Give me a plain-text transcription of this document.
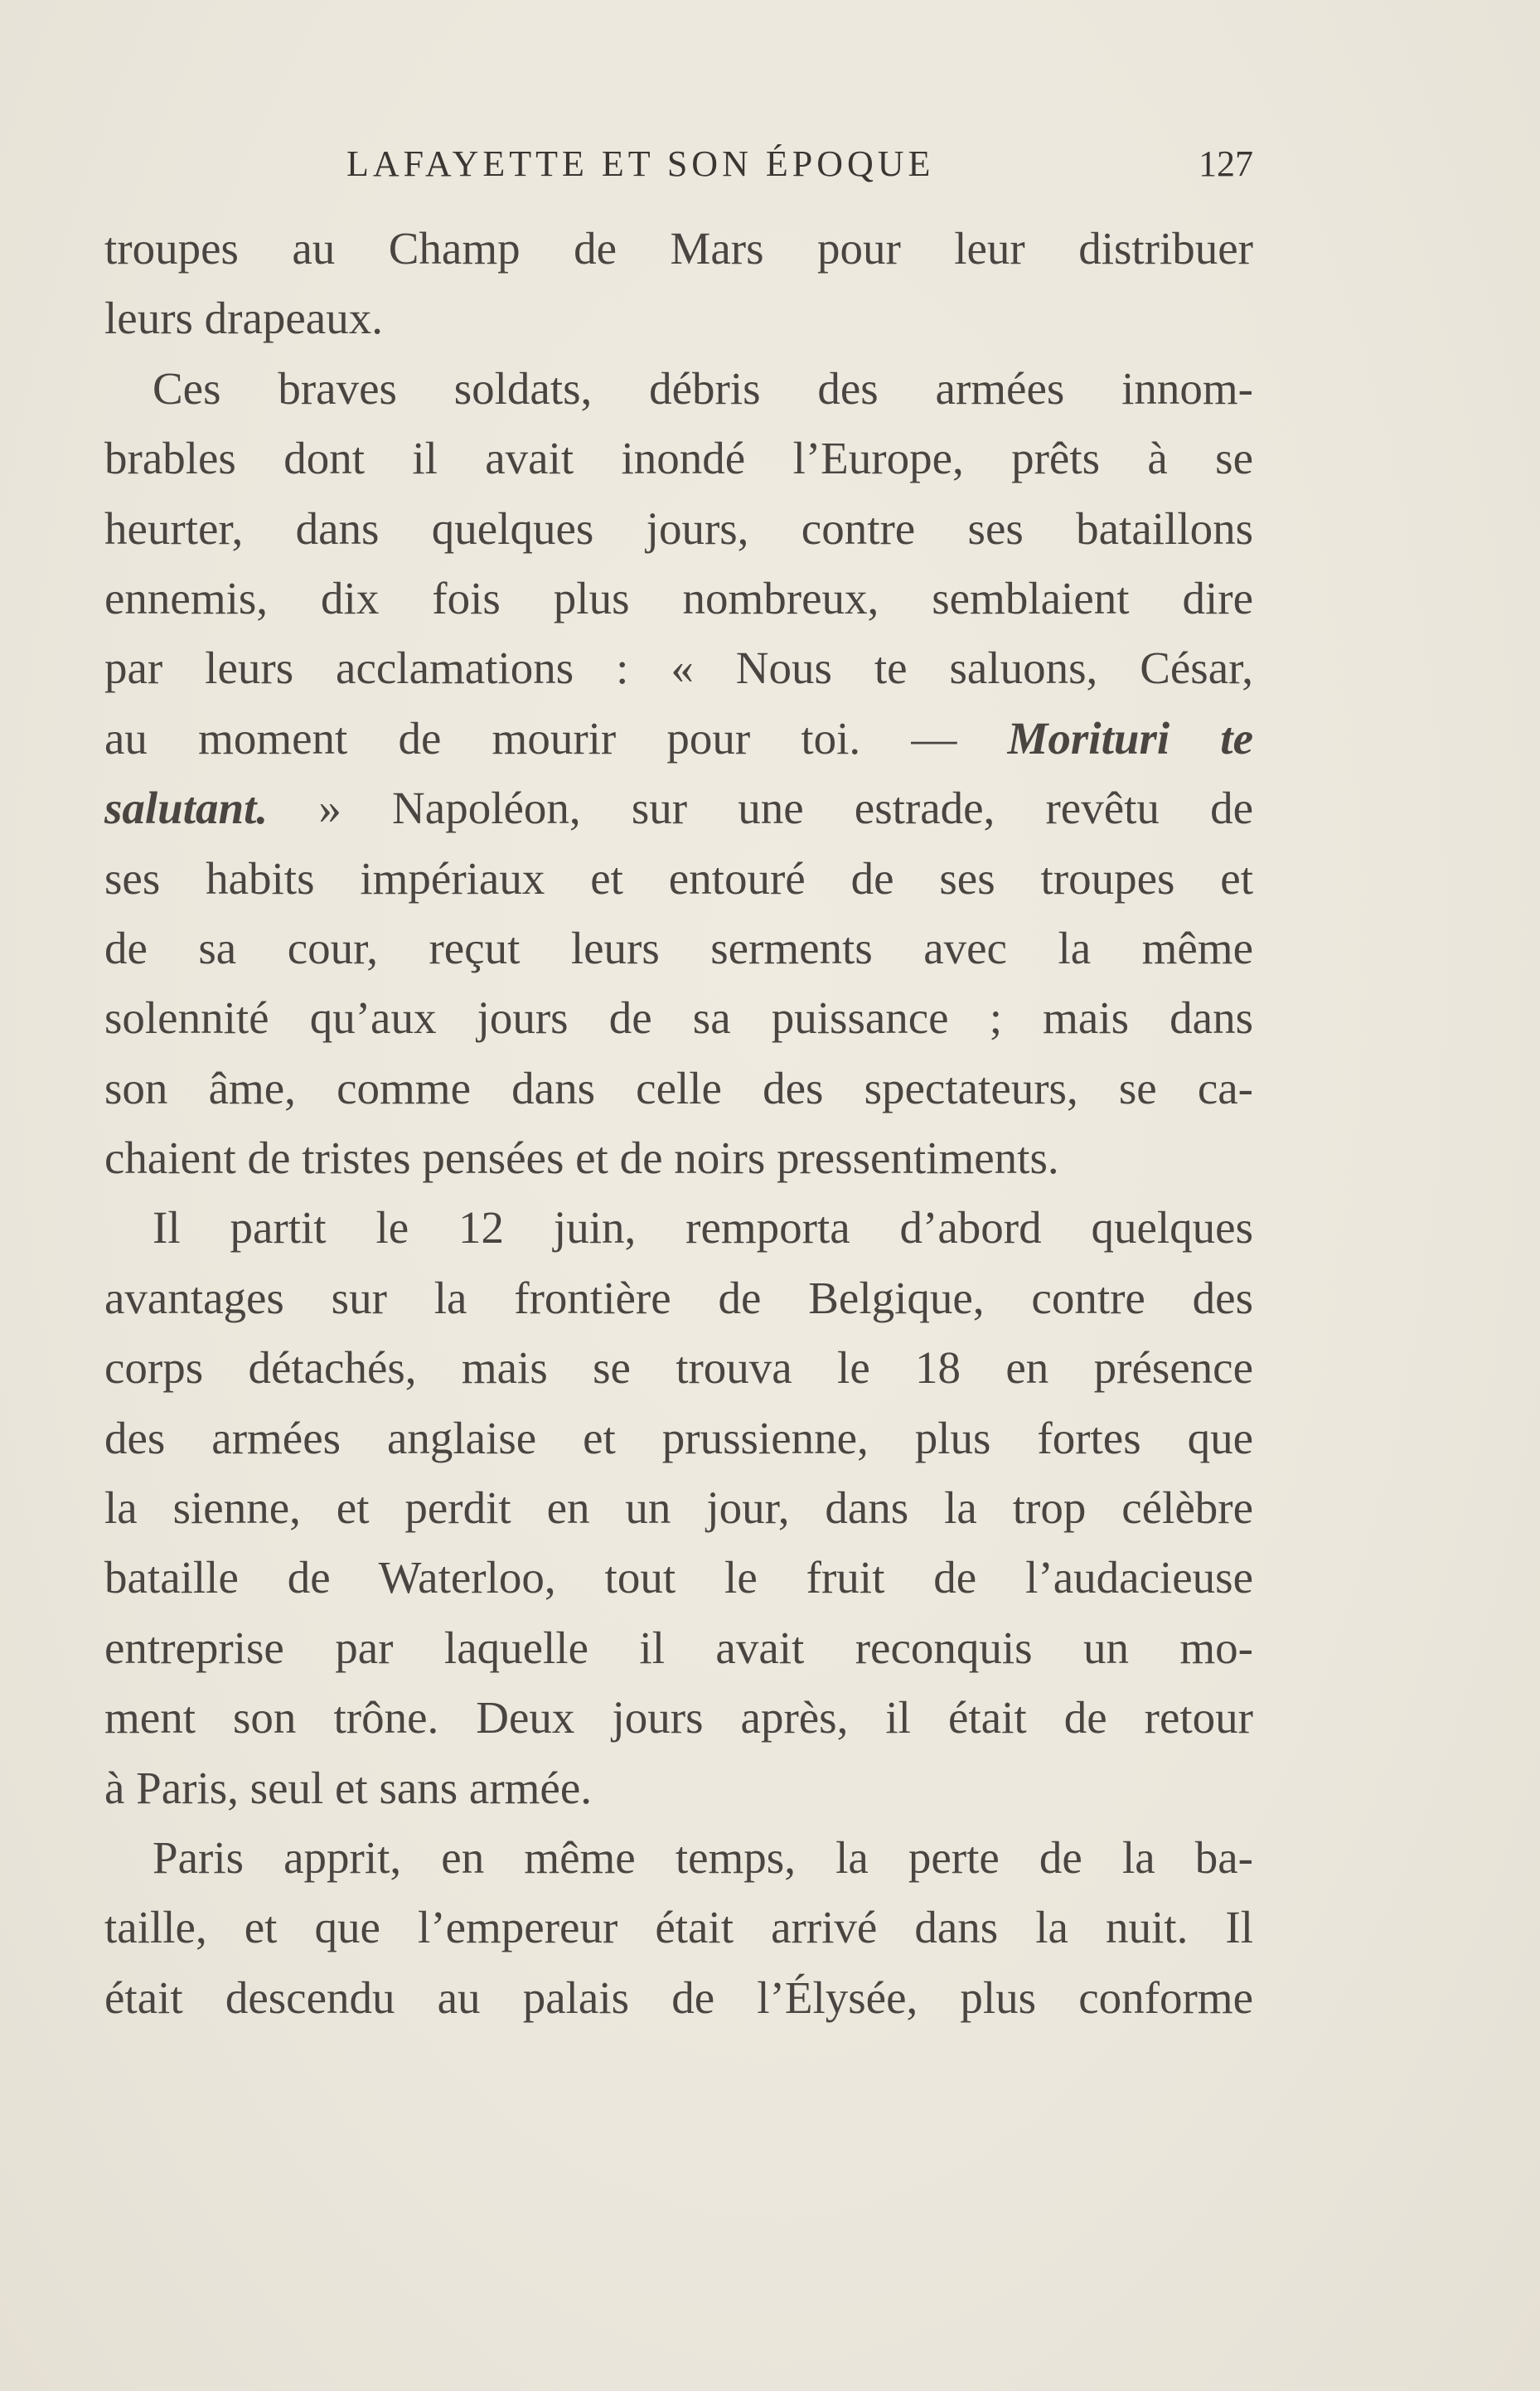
LAFAYETTE ET SON ÉPOQUE	127
troupes au Champ de Mars pour leur distribuer
leurs drapeaux.
Ces braves soldats, débris des armées innom-
brables dont il avait inondé l’Europe, prêts à se
heurter, dans quelques jours, contre ses bataillons
ennemis, dix fois plus nombreux, semblaient dire
par leurs acclamations : « Nous te saluons, César,
au moment de mourir pour toi. — Morituri te
salutant. » Napoléon, sur une estrade, revêtu de
ses habits impériaux et entouré de ses troupes et
de sa cour, reçut leurs serments avec la même
solennité qu’aux jours de sa puissance ; mais dans
son âme, comme dans celle des spectateurs, se ca-
chaient de tristes pensées et de noirs pressentiments.
Il partit le 12 juin, remporta d’abord quelques
avantages sur la frontière de Belgique, contre des
corps détachés, mais se trouva le 18 en présence
des armées anglaise et prussienne, plus fortes que
la sienne, et perdit en un jour, dans la trop célèbre
bataille de Waterloo, tout le fruit de l’audacieuse
entreprise par laquelle il avait reconquis un mo-
ment son trône. Deux jours après, il était de retour
à Paris, seul et sans armée.
Paris apprit, en même temps, la perte de la ba-
taille, et que l’empereur était arrivé dans la nuit. Il
était descendu au palais de l’Élysée, plus conforme
